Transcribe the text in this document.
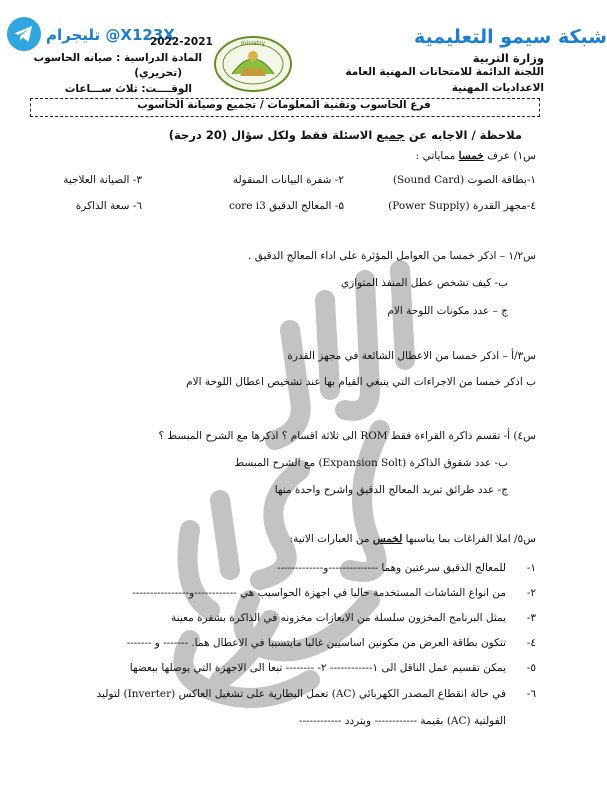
شبكة سيمو التعليمية
تليجرام @X123X
2022-2021
وزارة التربية
اللجنة الدائمة للامتحانات المهنية العامة
الاعدادیات المهنیة
المادة الدراسية : صيانه الحاسوب
(تحريري)
الوقــــت: ثلاث ســـاعات
ministry
فرع الحاسوب وتقنية المعلومات / تجميع وصيانة الحاسوب
ملاحظة / الاجابه عن جميع الاسئلة فقط ولكل سؤال (20 درجة)
س۱) عرف خمسا مماياتي :
۱-بطاقة الصوت (Sound Card)
۲- شفرة البيانات المنقولة
۳- الصيانة العلاجية
٤-مجهز القدرة (Power Supply)
۵- المعالج الدقيق core i3
٦- سعة الذاكرة
س۱/۲ – اذكر خمسا من العوامل المؤثرة على اداء المعالج الدقيق .
ب- كيف تشخص عطل المنفذ المتوازي
ج – عدد مكونات اللوحة الام
س۳/أ – اذكر خمسا من الاعطال الشائعة في مجهز القدرة
ب اذكر خمسا من الاجراءات التي ينبغي القيام بها عند تشخيص اعطال اللوحة الام
س٤) أ- تقسم ذاكرة القراءة فقط ROM الى ثلاثة اقسام ؟ اذكرها مع الشرح المبسط ؟
ب- عدد شقوق الذاكرة (Expansion Solt) مع الشرح المبسط
ج- عدد طرائق تبريد المعالج الدقيق واشرح واحدة منها
س٥/ املا الفراغات بما يناسبها لخمس من العبارات الاتية:
-۱
للمعالج الدقيق سرعتين وهما --------------و-------------
-۲
من انواع الشاشات المستخدمة حاليا في اجهزة الحواسيب هي ------------و----------------
-۳
يمثل البرنامج المخزون سلسلة من الايعازات مخزونه في الذاكرة بشفرة معينة
-٤
تتكون بطاقة العرض من مكونين اساسيين غالبا مايتسببا في الاعطال هما. ------- و -------
-٥
يمكن تقسيم عمل الناقل الى ۱------------ ۲- -------- تبعا الى الاجهزة التي يوصلها ببعضها
-٦
في حالة انقطاع المصدر الكهربائي (AC) تعمل البطارية على تشغيل العاكس (Inverter) لتوليد
الفولتية (AC) بقيمة ------------ وبتردد ------------
